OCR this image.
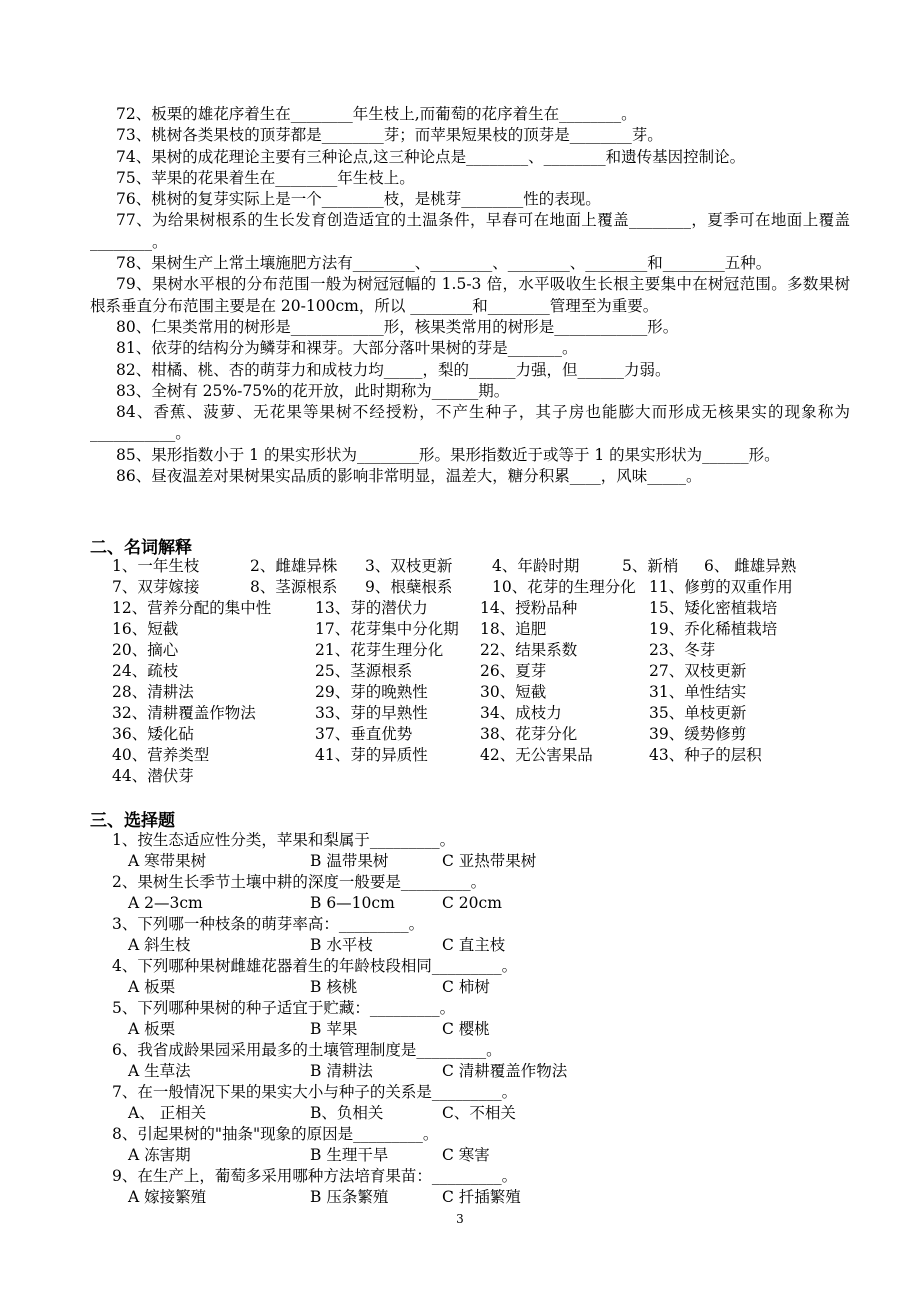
72、板栗的雄花序着生在________年生枝上,而葡萄的花序着生在________。

73、桃树各类果枝的顶芽都是________芽；而苹果短果枝的顶芽是________芽。

74、果树的成花理论主要有三种论点,这三种论点是________、________和遗传基因控制论。

75、苹果的花果着生在________年生枝上。

76、桃树的复芽实际上是一个________枝，是桃芽________性的表现。

77、为给果树根系的生长发育创造适宜的土温条件，早春可在地面上覆盖________，夏季可在地面上覆盖________。

78、果树生产上常土壤施肥方法有________、________、________、________和________五种。

79、果树水平根的分布范围一般为树冠冠幅的 1.5-3 倍，水平吸收生长根主要集中在树冠范围。多数果树根系垂直分布范围主要是在 20-100cm，所以 ________和________管理至为重要。

80、仁果类常用的树形是____________形，核果类常用的树形是____________形。

81、依芽的结构分为鳞芽和裸芽。大部分落叶果树的芽是_______。

82、柑橘、桃、杏的萌芽力和成枝力均_____，梨的______力强，但______力弱。

83、全树有 25%-75%的花开放，此时期称为______期。

84、香蕉、菠萝、无花果等果树不经授粉，不产生种子，其子房也能膨大而形成无核果实的现象称为___________。

85、果形指数小于 1 的果实形状为________形。果形指数近于或等于 1 的果实形状为______形。

86、昼夜温差对果树果实品质的影响非常明显，温差大，糖分积累____，风味_____。

二、名词解释
1、一年生枝	2、雌雄异株 3、双枝更新	4、年龄时期	5、新梢 6、 雌雄异熟
7、双芽嫁接	8、茎源根系 9、根蘖根系	10、花芽的生理分化 11、修剪的双重作用
12、营养分配的集中性	13、芽的潜伏力	14、授粉品种	15、矮化密植栽培
16、短截	17、花芽集中分化期 18、追肥	19、乔化稀植栽培
20、摘心	21、花芽生理分化 22、结果系数	23、冬芽
24、疏枝	25、茎源根系	26、夏芽	27、双枝更新
28、清耕法	29、芽的晚熟性	30、短截	31、单性结实
32、清耕覆盖作物法	33、芽的早熟性	34、成枝力	35、单枝更新
36、矮化砧	37、垂直优势	38、花芽分化	39、缓势修剪
40、营养类型	41、芽的异质性	42、无公害果品	43、种子的层积
44、潜伏芽
三、选择题
1、按生态适应性分类，苹果和梨属于_________。
A 寒带果树	B 温带果树	C 亚热带果树
2、果树生长季节土壤中耕的深度一般要是_________。
A 2—3cm	B 6—10cm	C 20cm
3、下列哪一种枝条的萌芽率高：_________。
A 斜生枝	B 水平枝	C 直主枝
4、下列哪种果树雌雄花器着生的年龄枝段相同_________。
A 板栗	B 核桃	C 柿树
5、下列哪种果树的种子适宜于贮藏：_________。
A 板栗	B 苹果	C 樱桃
6、我省成龄果园采用最多的土壤管理制度是_________。
A 生草法	B 清耕法	C 清耕覆盖作物法
7、在一般情况下果的果实大小与种子的关系是_________。
A、 正相关	B、负相关	C、不相关
8、引起果树的"抽条"现象的原因是_________。
A 冻害期	B 生理干旱	C 寒害
9、在生产上，葡萄多采用哪种方法培育果苗：_________。
A 嫁接繁殖	B 压条繁殖	C 扦插繁殖
3
